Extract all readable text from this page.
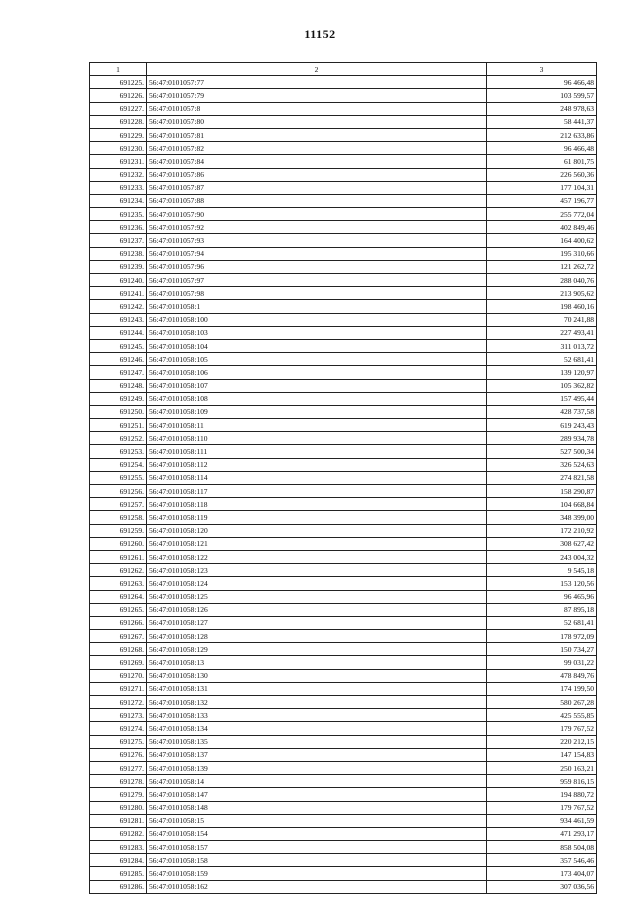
11152
1	2	3
691225.	56:47:0101057:77	96 466,48
691226.	56:47:0101057:79	103 599,57
691227.	56:47:0101057:8	248 978,63
691228.	56:47:0101057:80	58 441,37
691229.	56:47:0101057:81	212 633,86
691230.	56:47:0101057:82	96 466,48
691231.	56:47:0101057:84	61 801,75
691232.	56:47:0101057:86	226 560,36
691233.	56:47:0101057:87	177 104,31
691234.	56:47:0101057:88	457 196,77
691235.	56:47:0101057:90	255 772,04
691236.	56:47:0101057:92	402 849,46
691237.	56:47:0101057:93	164 400,62
691238.	56:47:0101057:94	195 310,66
691239.	56:47:0101057:96	121 262,72
691240.	56:47:0101057:97	288 040,76
691241.	56:47:0101057:98	213 905,62
691242.	56:47:0101058:1	198 460,16
691243.	56:47:0101058:100	70 241,88
691244.	56:47:0101058:103	227 493,41
691245.	56:47:0101058:104	311 013,72
691246.	56:47:0101058:105	52 681,41
691247.	56:47:0101058:106	139 120,97
691248.	56:47:0101058:107	105 362,82
691249.	56:47:0101058:108	157 495,44
691250.	56:47:0101058:109	428 737,58
691251.	56:47:0101058:11	619 243,43
691252.	56:47:0101058:110	289 934,78
691253.	56:47:0101058:111	527 500,34
691254.	56:47:0101058:112	326 524,63
691255.	56:47:0101058:114	274 821,58
691256.	56:47:0101058:117	158 290,87
691257.	56:47:0101058:118	104 668,84
691258.	56:47:0101058:119	348 399,00
691259.	56:47:0101058:120	172 210,92
691260.	56:47:0101058:121	308 627,42
691261.	56:47:0101058:122	243 004,32
691262.	56:47:0101058:123	9 545,18
691263.	56:47:0101058:124	153 120,56
691264.	56:47:0101058:125	96 465,96
691265.	56:47:0101058:126	87 895,18
691266.	56:47:0101058:127	52 681,41
691267.	56:47:0101058:128	178 972,09
691268.	56:47:0101058:129	150 734,27
691269.	56:47:0101058:13	99 031,22
691270.	56:47:0101058:130	478 849,76
691271.	56:47:0101058:131	174 199,50
691272.	56:47:0101058:132	580 267,28
691273.	56:47:0101058:133	425 555,85
691274.	56:47:0101058:134	179 767,52
691275.	56:47:0101058:135	220 212,15
691276.	56:47:0101058:137	147 154,83
691277.	56:47:0101058:139	250 163,21
691278.	56:47:0101058:14	959 816,15
691279.	56:47:0101058:147	194 880,72
691280.	56:47:0101058:148	179 767,52
691281.	56:47:0101058:15	934 461,59
691282.	56:47:0101058:154	471 293,17
691283.	56:47:0101058:157	858 504,08
691284.	56:47:0101058:158	357 546,46
691285.	56:47:0101058:159	173 404,07
691286.	56:47:0101058:162	307 036,56
